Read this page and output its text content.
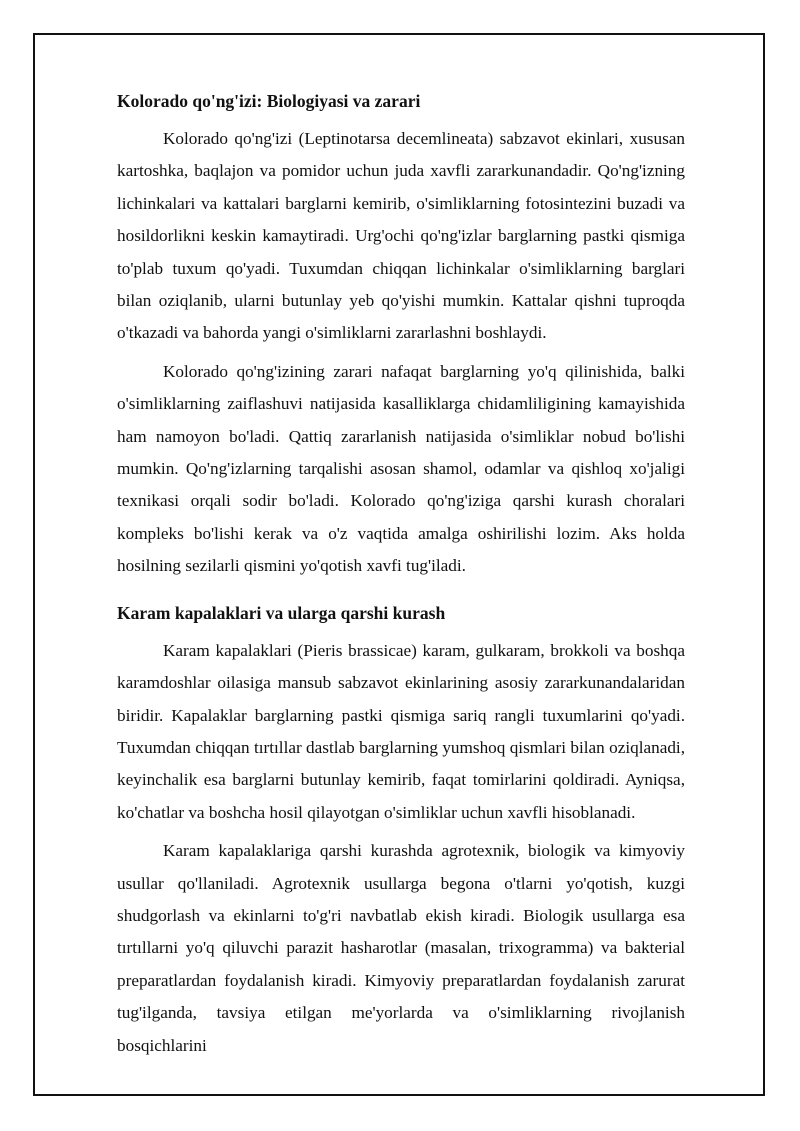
Kolorado qo'ng'izi: Biologiyasi va zarari

Kolorado qo'ng'izi (Leptinotarsa decemlineata) sabzavot ekinlari, xususan kartoshka, baqlajon va pomidor uchun juda xavfli zararkunandadir. Qo'ng'izning lichinkalari va kattalari barglarni kemirib, o'simliklarning fotosintezini buzadi va hosildorlikni keskin kamaytiradi. Urg'ochi qo'ng'izlar barglarning pastki qismiga to'plab tuxum qo'yadi. Tuxumdan chiqqan lichinkalar o'simliklarning barglari bilan oziqlanib, ularni butunlay yeb qo'yishi mumkin. Kattalar qishni tuproqda o'tkazadi va bahorda yangi o'simliklarni zararlashni boshlaydi.

Kolorado qo'ng'izining zarari nafaqat barglarning yo'q qilinishida, balki o'simliklarning zaiflashuvi natijasida kasalliklarga chidamliligining kamayishida ham namoyon bo'ladi. Qattiq zararlanish natijasida o'simliklar nobud bo'lishi mumkin. Qo'ng'izlarning tarqalishi asosan shamol, odamlar va qishloq xo'jaligi texnikasi orqali sodir bo'ladi. Kolorado qo'ng'iziga qarshi kurash choralari kompleks bo'lishi kerak va o'z vaqtida amalga oshirilishi lozim. Aks holda hosilning sezilarli qismini yo'qotish xavfi tug'iladi.

Karam kapalaklari va ularga qarshi kurash

Karam kapalaklari (Pieris brassicae) karam, gulkaram, brokkoli va boshqa karamdoshlar oilasiga mansub sabzavot ekinlarining asosiy zararkunandalaridan biridir. Kapalaklar barglarning pastki qismiga sariq rangli tuxumlarini qo'yadi. Tuxumdan chiqqan tırtıllar dastlab barglarning yumshoq qismlari bilan oziqlanadi, keyinchalik esa barglarni butunlay kemirib, faqat tomirlarini qoldiradi. Ayniqsa, ko'chatlar va boshcha hosil qilayotgan o'simliklar uchun xavfli hisoblanadi.

Karam kapalaklariga qarshi kurashda agrotexnik, biologik va kimyoviy usullar qo'llaniladi. Agrotexnik usullarga begona o'tlarni yo'qotish, kuzgi shudgorlash va ekinlarni to'g'ri navbatlab ekish kiradi. Biologik usullarga esa tırtıllarni yo'q qiluvchi parazit hasharotlar (masalan, trixogramma) va bakterial preparatlardan foydalanish kiradi. Kimyoviy preparatlardan foydalanish zarurat tug'ilganda, tavsiya etilgan me'yorlarda va o'simliklarning rivojlanish bosqichlarini
